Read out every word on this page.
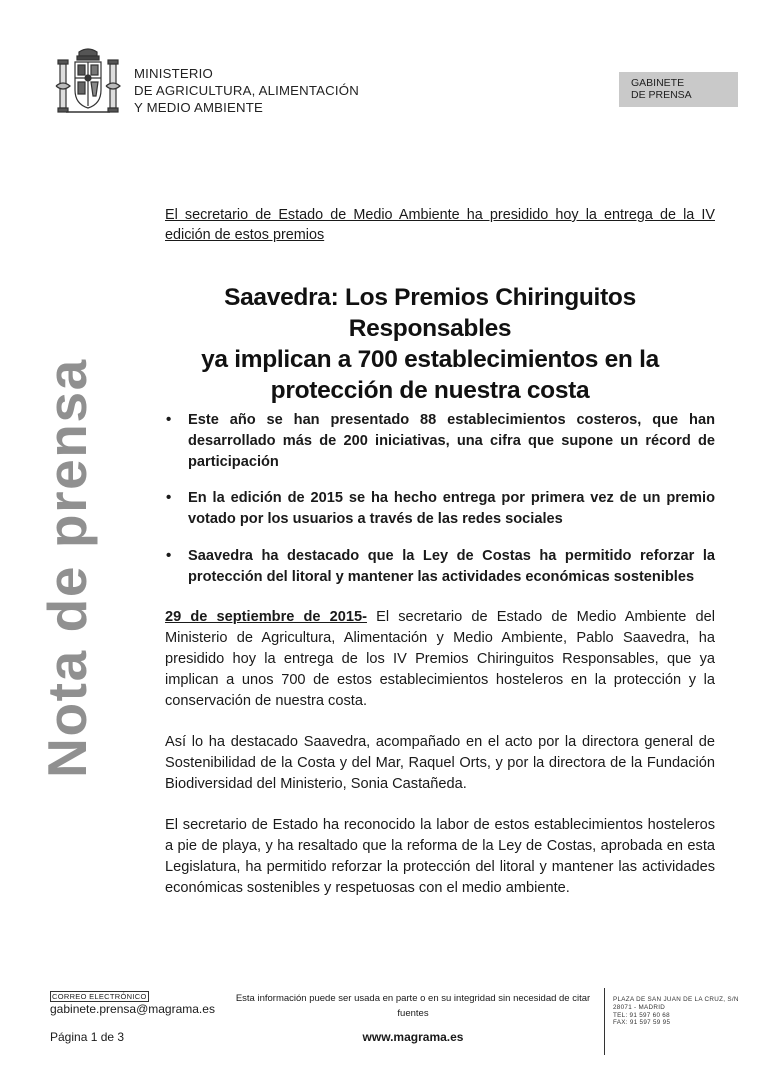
MINISTERIO
DE AGRICULTURA, ALIMENTACIÓN
Y MEDIO AMBIENTE
GABINETE
DE PRENSA
Nota de prensa
El secretario de Estado de Medio Ambiente ha presidido hoy la entrega de la IV edición de estos premios
Saavedra: Los Premios Chiringuitos Responsables
ya implican a 700 establecimientos en la
protección de nuestra costa
• Este año se han presentado 88 establecimientos costeros, que han desarrollado más de 200 iniciativas, una cifra que supone un récord de participación
• En la edición de 2015 se ha hecho entrega por primera vez de un premio votado por los usuarios a través de las redes sociales
• Saavedra ha destacado que la Ley de Costas ha permitido reforzar la protección del litoral y mantener las actividades económicas sostenibles

29 de septiembre de 2015- El secretario de Estado de Medio Ambiente del Ministerio de Agricultura, Alimentación y Medio Ambiente, Pablo Saavedra, ha presidido hoy la entrega de los IV Premios Chiringuitos Responsables, que ya implican a unos 700 de estos establecimientos hosteleros en la protección y la conservación de nuestra costa.

Así lo ha destacado Saavedra, acompañado en el acto por la directora general de Sostenibilidad de la Costa y del Mar, Raquel Orts, y por la directora de la Fundación Biodiversidad del Ministerio, Sonia Castañeda.

El secretario de Estado ha reconocido la labor de estos establecimientos hosteleros a pie de playa, y ha resaltado que la reforma de la Ley de Costas, aprobada en esta Legislatura, ha permitido reforzar la protección del litoral y mantener las actividades económicas sostenibles y respetuosas con el medio ambiente.

CORREO ELECTRÓNICO
gabinete.prensa@magrama.es
Página 1 de 3
Esta información puede ser usada en parte o en su integridad sin necesidad de citar fuentes
www.magrama.es
PLAZA DE SAN JUAN DE LA CRUZ, S/N
28071 - MADRID
TEL: 91 597 60 68
FAX: 91 597 59 95
